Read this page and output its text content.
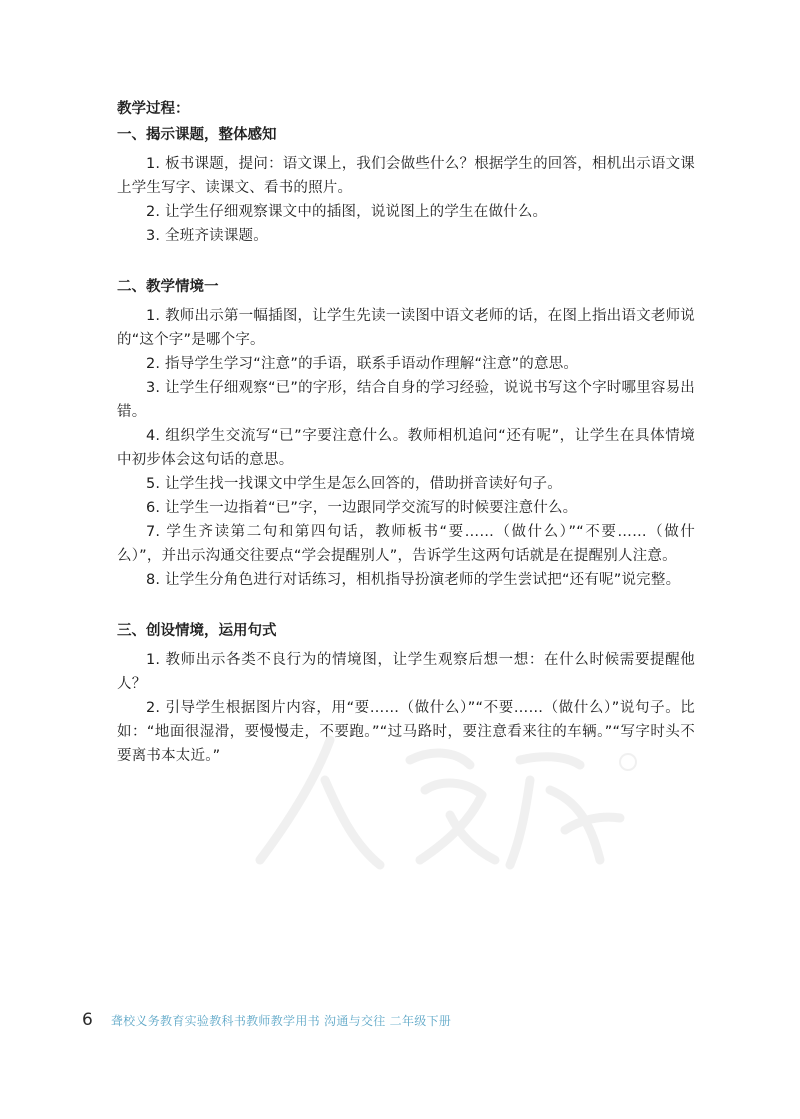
教学过程：

一、揭示课题，整体感知

1. 板书课题，提问：语文课上，我们会做些什么？根据学生的回答，相机出示语文课上学生写字、读课文、看书的照片。

2. 让学生仔细观察课文中的插图，说说图上的学生在做什么。

3. 全班齐读课题。

二、教学情境一

1. 教师出示第一幅插图，让学生先读一读图中语文老师的话，在图上指出语文老师说的“这个字”是哪个字。

2. 指导学生学习“注意”的手语，联系手语动作理解“注意”的意思。

3. 让学生仔细观察“已”的字形，结合自身的学习经验，说说书写这个字时哪里容易出错。

4. 组织学生交流写“已”字要注意什么。教师相机追问“还有呢”，让学生在具体情境中初步体会这句话的意思。

5. 让学生找一找课文中学生是怎么回答的，借助拼音读好句子。

6. 让学生一边指着“已”字，一边跟同学交流写的时候要注意什么。

7. 学生齐读第二句和第四句话，教师板书“要……（做什么）”“不要……（做什么）”，并出示沟通交往要点“学会提醒别人”，告诉学生这两句话就是在提醒别人注意。

8. 让学生分角色进行对话练习，相机指导扮演老师的学生尝试把“还有呢”说完整。

三、创设情境，运用句式

1. 教师出示各类不良行为的情境图，让学生观察后想一想：在什么时候需要提醒他人？

2. 引导学生根据图片内容，用“要……（做什么）”“不要……（做什么）”说句子。比如：“地面很湿滑，要慢慢走，不要跑。”“过马路时，要注意看来往的车辆。”“写字时头不要离书本太近。”

6 聋校义务教育实验教科书教师教学用书 沟通与交往 二年级下册
